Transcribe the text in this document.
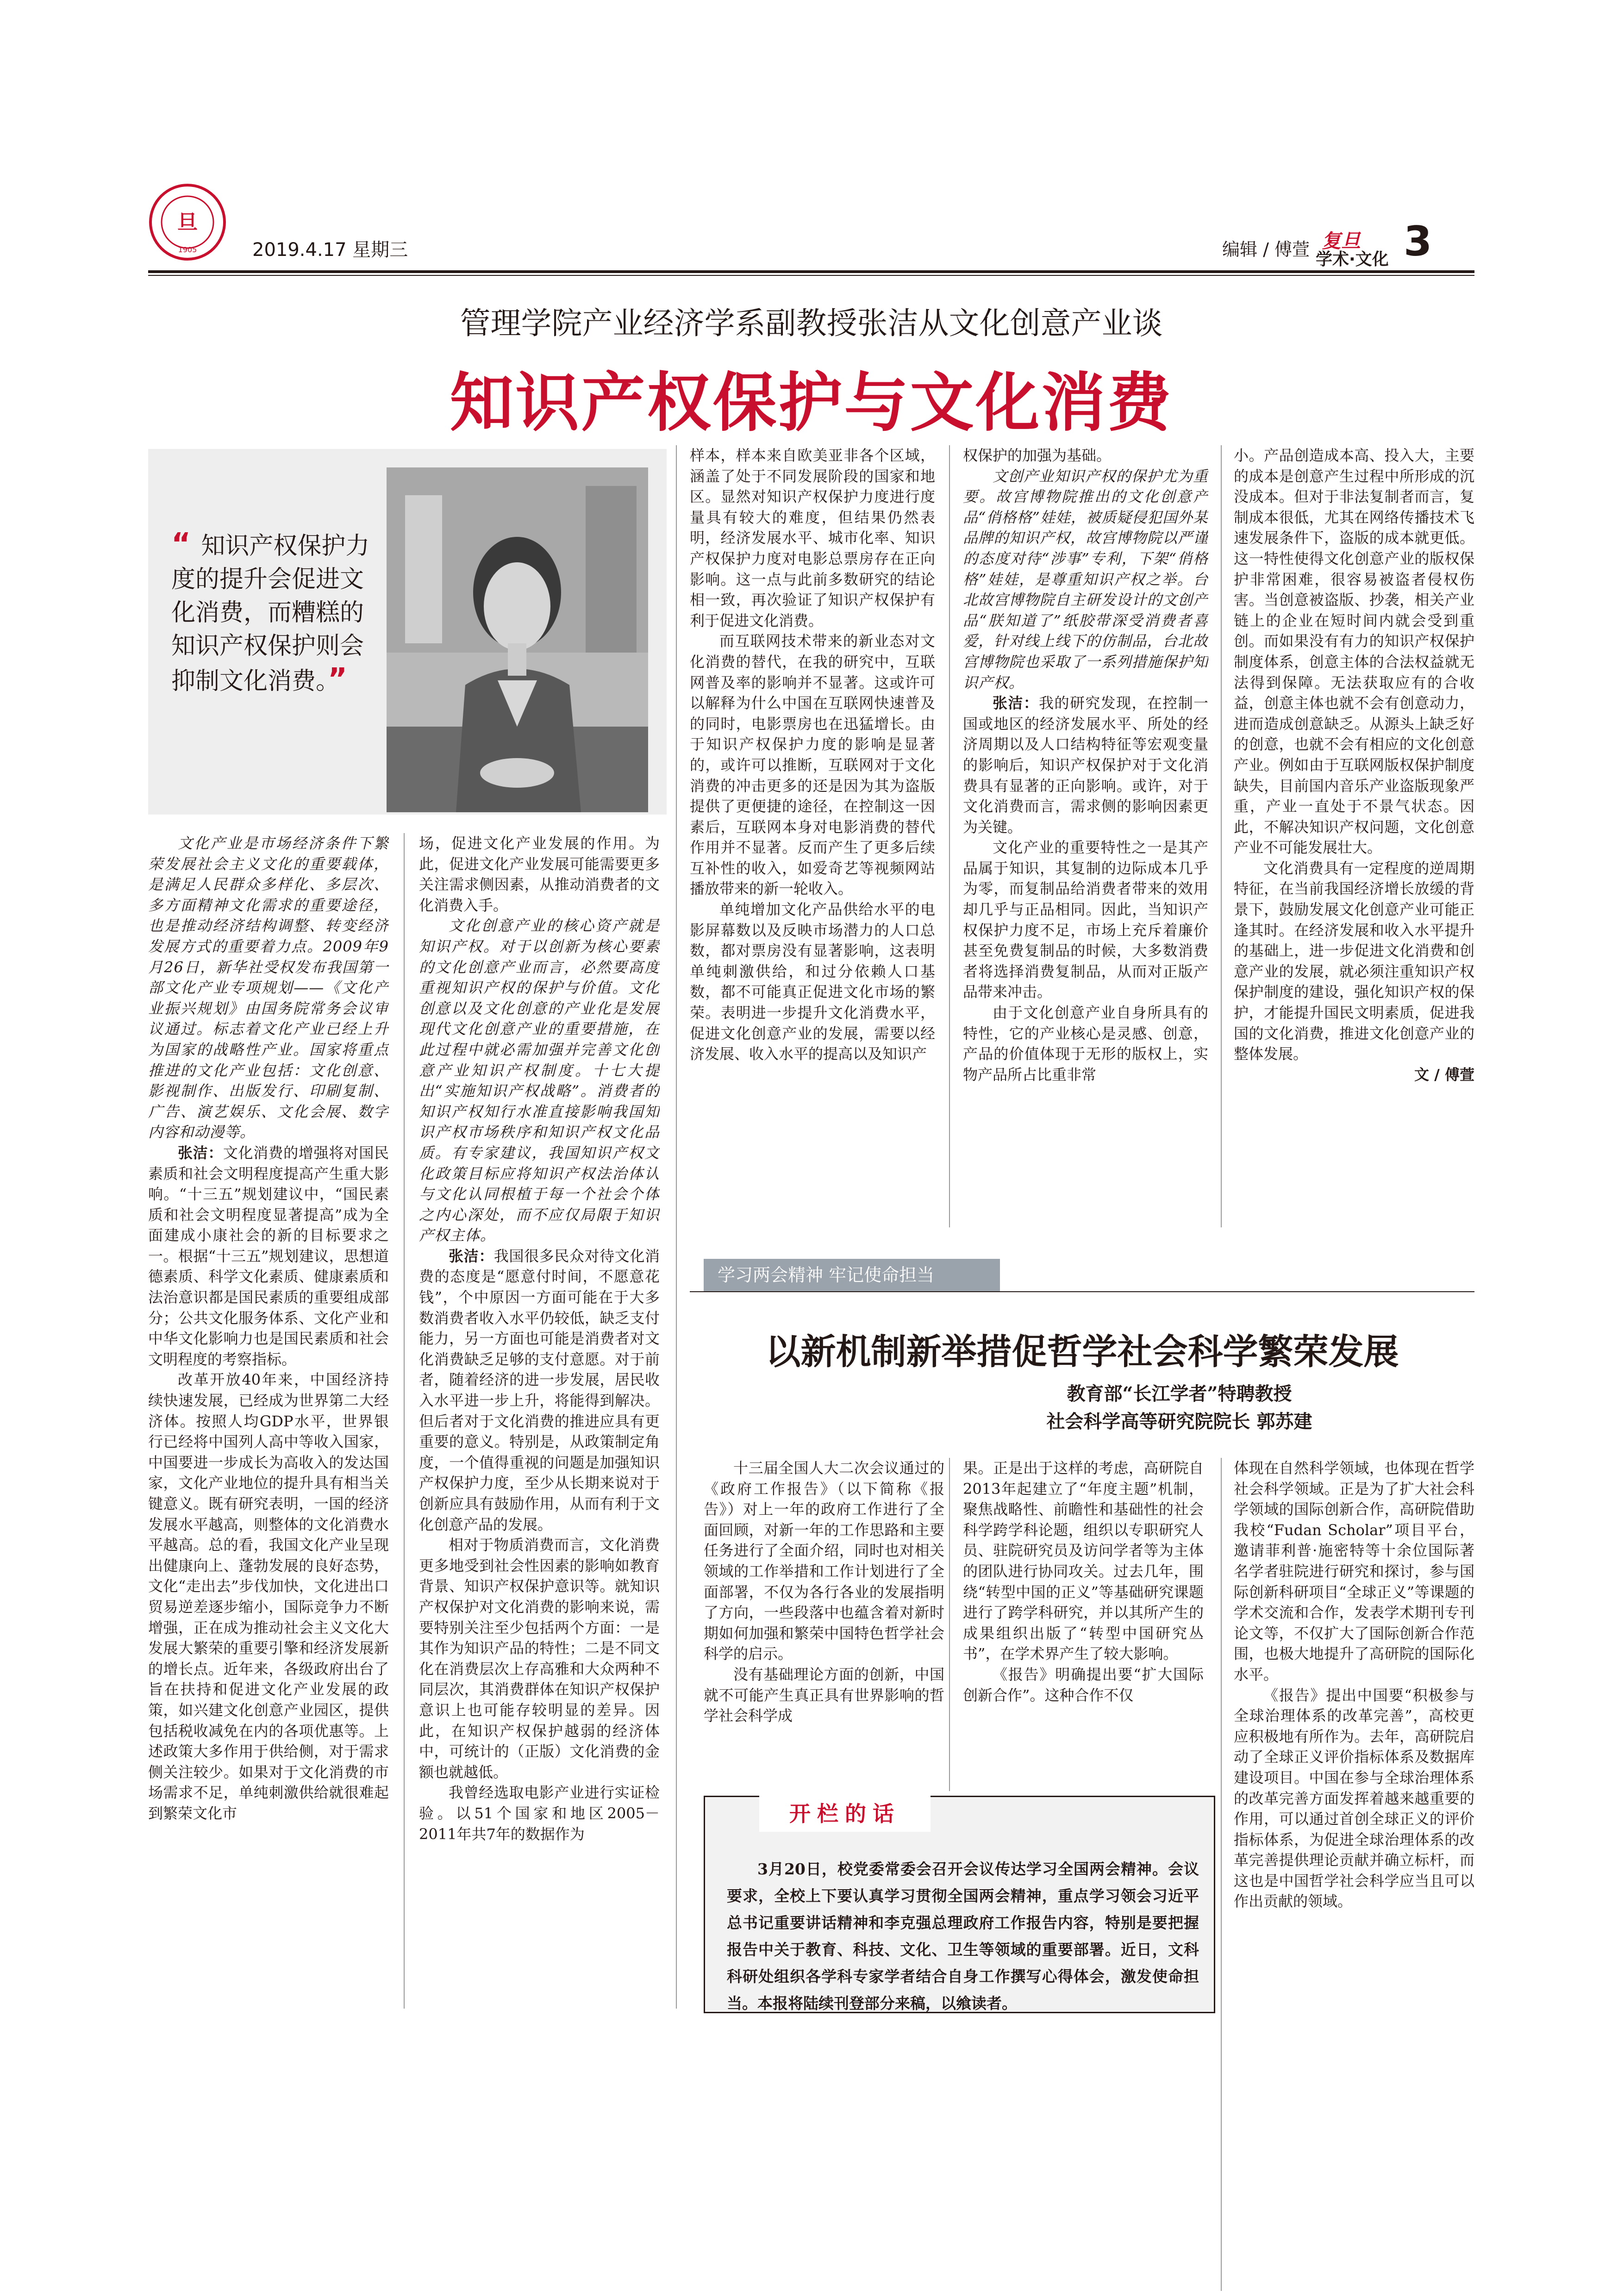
旦
1905	2019.4.17 星期三	编辑 / 傅萱 复旦
学术·文化 3
管理学院产业经济学系副教授张洁从文化创意产业谈
知识产权保护与文化消费
“ 知识产权保护力度的提升会促进文化消费，而糟糕的知识产权保护则会抑制文化消费。”

文化产业是市场经济条件下繁荣发展社会主义文化的重要载体，是满足人民群众多样化、多层次、多方面精神文化需求的重要途径，也是推动经济结构调整、转变经济发展方式的重要着力点。2009年9月26日，新华社受权发布我国第一部文化产业专项规划——《文化产业振兴规划》由国务院常务会议审议通过。标志着文化产业已经上升为国家的战略性产业。国家将重点推进的文化产业包括：文化创意、影视制作、出版发行、印刷复制、广告、演艺娱乐、文化会展、数字内容和动漫等。

张洁：文化消费的增强将对国民素质和社会文明程度提高产生重大影响。“十三五”规划建议中，“国民素质和社会文明程度显著提高”成为全面建成小康社会的新的目标要求之一。根据“十三五”规划建议，思想道德素质、科学文化素质、健康素质和法治意识都是国民素质的重要组成部分；公共文化服务体系、文化产业和中华文化影响力也是国民素质和社会文明程度的考察指标。

改革开放40年来，中国经济持续快速发展，已经成为世界第二大经济体。按照人均GDP水平，世界银行已经将中国列人高中等收入国家，中国要进一步成长为高收入的发达国家，文化产业地位的提升具有相当关键意义。既有研究表明，一国的经济发展水平越高，则整体的文化消费水平越高。总的看，我国文化产业呈现出健康向上、蓬勃发展的良好态势，文化“走出去”步伐加快，文化进出口贸易逆差逐步缩小，国际竞争力不断增强，正在成为推动社会主义文化大发展大繁荣的重要引擎和经济发展新的增长点。近年来，各级政府出台了旨在扶持和促进文化产业发展的政策，如兴建文化创意产业园区，提供包括税收减免在内的各项优惠等。上述政策大多作用于供给侧，对于需求侧关注较少。如果对于文化消费的市场需求不足，单纯刺激供给就很难起到繁荣文化市

场，促进文化产业发展的作用。为此，促进文化产业发展可能需要更多关注需求侧因素，从推动消费者的文化消费入手。

文化创意产业的核心资产就是知识产权。对于以创新为核心要素的文化创意产业而言，必然要高度重视知识产权的保护与价值。文化创意以及文化创意的产业化是发展现代文化创意产业的重要措施，在此过程中就必需加强并完善文化创意产业知识产权制度。十七大提出“实施知识产权战略”。消费者的知识产权知行水准直接影响我国知识产权市场秩序和知识产权文化品质。有专家建议，我国知识产权文化政策目标应将知识产权法治体认与文化认同根植于每一个社会个体之内心深处，而不应仅局限于知识产权主体。

张洁：我国很多民众对待文化消费的态度是“愿意付时间，不愿意花钱”，个中原因一方面可能在于大多数消费者收入水平仍较低，缺乏支付能力，另一方面也可能是消费者对文化消费缺乏足够的支付意愿。对于前者，随着经济的进一步发展，居民收入水平进一步上升，将能得到解决。但后者对于文化消费的推进应具有更重要的意义。特别是，从政策制定角度，一个值得重视的问题是加强知识产权保护力度，至少从长期来说对于创新应具有鼓励作用，从而有利于文化创意产品的发展。

相对于物质消费而言，文化消费更多地受到社会性因素的影响如教育背景、知识产权保护意识等。就知识产权保护对文化消费的影响来说，需要特别关注至少包括两个方面：一是其作为知识产品的特性；二是不同文化在消费层次上存高雅和大众两种不同层次，其消费群体在知识产权保护意识上也可能存较明显的差异。因此，在知识产权保护越弱的经济体中，可统计的（正版）文化消费的金额也就越低。

我曾经选取电影产业进行实证检验。以51个国家和地区2005－2011年共7年的数据作为

样本，样本来自欧美亚非各个区域，涵盖了处于不同发展阶段的国家和地区。显然对知识产权保护力度进行度量具有较大的难度，但结果仍然表明，经济发展水平、城市化率、知识产权保护力度对电影总票房存在正向影响。这一点与此前多数研究的结论相一致，再次验证了知识产权保护有利于促进文化消费。

而互联网技术带来的新业态对文化消费的替代，在我的研究中，互联网普及率的影响并不显著。这或许可以解释为什么中国在互联网快速普及的同时，电影票房也在迅猛增长。由于知识产权保护力度的影响是显著的，或许可以推断，互联网对于文化消费的冲击更多的还是因为其为盗版提供了更便捷的途径，在控制这一因素后，互联网本身对电影消费的替代作用并不显著。反而产生了更多后续互补性的收入，如爱奇艺等视频网站播放带来的新一轮收入。

单纯增加文化产品供给水平的电影屏幕数以及反映市场潜力的人口总数，都对票房没有显著影响，这表明单纯刺激供给，和过分依赖人口基数，都不可能真正促进文化市场的繁荣。表明进一步提升文化消费水平，促进文化创意产业的发展，需要以经济发展、收入水平的提高以及知识产

权保护的加强为基础。

文创产业知识产权的保护尤为重要。故宫博物院推出的文化创意产品“俏格格”娃娃，被质疑侵犯国外某品牌的知识产权，故宫博物院以严谨的态度对待“涉事”专利，下架“俏格格”娃娃，是尊重知识产权之举。台北故宫博物院自主研发设计的文创产品“朕知道了”纸胶带深受消费者喜爱，针对线上线下的仿制品，台北故宫博物院也采取了一系列措施保护知识产权。

张洁：我的研究发现，在控制一国或地区的经济发展水平、所处的经济周期以及人口结构特征等宏观变量的影响后，知识产权保护对于文化消费具有显著的正向影响。或许，对于文化消费而言，需求侧的影响因素更为关键。

文化产业的重要特性之一是其产品属于知识，其复制的边际成本几乎为零，而复制品给消费者带来的效用却几乎与正品相同。因此，当知识产权保护力度不足，市场上充斥着廉价甚至免费复制品的时候，大多数消费者将选择消费复制品，从而对正版产品带来冲击。

由于文化创意产业自身所具有的特性，它的产业核心是灵感、创意，产品的价值体现于无形的版权上，实物产品所占比重非常

小。产品创造成本高、投入大，主要的成本是创意产生过程中所形成的沉没成本。但对于非法复制者而言，复制成本很低，尤其在网络传播技术飞速发展条件下，盗版的成本就更低。这一特性使得文化创意产业的版权保护非常困难，很容易被盗者侵权伤害。当创意被盗版、抄袭，相关产业链上的企业在短时间内就会受到重创。而如果没有有力的知识产权保护制度体系，创意主体的合法权益就无法得到保障。无法获取应有的合收益，创意主体也就不会有创意动力，进而造成创意缺乏。从源头上缺乏好的创意，也就不会有相应的文化创意产业。例如由于互联网版权保护制度缺失，目前国内音乐产业盗版现象严重，产业一直处于不景气状态。因此，不解决知识产权问题，文化创意产业不可能发展壮大。

文化消费具有一定程度的逆周期特征，在当前我国经济增长放缓的背景下，鼓励发展文化创意产业可能正逢其时。在经济发展和收入水平提升的基础上，进一步促进文化消费和创意产业的发展，就必须注重知识产权保护制度的建设，强化知识产权的保护，才能提升国民文明素质，促进我国的文化消费，推进文化创意产业的整体发展。

文 / 傅萱

学习两会精神 牢记使命担当
以新机制新举措促哲学社会科学繁荣发展
教育部“长江学者”特聘教授
社会科学高等研究院院长 郭苏建

十三届全国人大二次会议通过的《政府工作报告》（以下简称《报告》）对上一年的政府工作进行了全面回顾，对新一年的工作思路和主要任务进行了全面介绍，同时也对相关领域的工作举措和工作计划进行了全面部署，不仅为各行各业的发展指明了方向，一些段落中也蕴含着对新时期如何加强和繁荣中国特色哲学社会科学的启示。

没有基础理论方面的创新，中国就不可能产生真正具有世界影响的哲学社会科学成

果。正是出于这样的考虑，高研院自2013年起建立了“年度主题”机制，聚焦战略性、前瞻性和基础性的社会科学跨学科论题，组织以专职研究人员、驻院研究员及访问学者等为主体的团队进行协同攻关。过去几年，围绕“转型中国的正义”等基础研究课题进行了跨学科研究，并以其所产生的成果组织出版了“转型中国研究丛书”，在学术界产生了较大影响。

《报告》明确提出要“扩大国际创新合作”。这种合作不仅

体现在自然科学领域，也体现在哲学社会科学领域。正是为了扩大社会科学领域的国际创新合作，高研院借助我校“Fudan Scholar”项目平台，邀请菲利普·施密特等十余位国际著名学者驻院进行研究和探讨，参与国际创新科研项目“全球正义”等课题的学术交流和合作，发表学术期刊专刊论文等，不仅扩大了国际创新合作范围，也极大地提升了高研院的国际化水平。

《报告》提出中国要“积极参与全球治理体系的改革完善”，高校更应积极地有所作为。去年，高研院启动了全球正义评价指标体系及数据库建设项目。中国在参与全球治理体系的改革完善方面发挥着越来越重要的作用，可以通过首创全球正义的评价指标体系，为促进全球治理体系的改革完善提供理论贡献并确立标杆，而这也是中国哲学社会科学应当且可以作出贡献的领域。

开栏的话

3月20日，校党委常委会召开会议传达学习全国两会精神。会议要求，全校上下要认真学习贯彻全国两会精神，重点学习领会习近平总书记重要讲话精神和李克强总理政府工作报告内容，特别是要把握报告中关于教育、科技、文化、卫生等领域的重要部署。近日，文科科研处组织各学科专家学者结合自身工作撰写心得体会，激发使命担当。本报将陆续刊登部分来稿，以飨读者。
